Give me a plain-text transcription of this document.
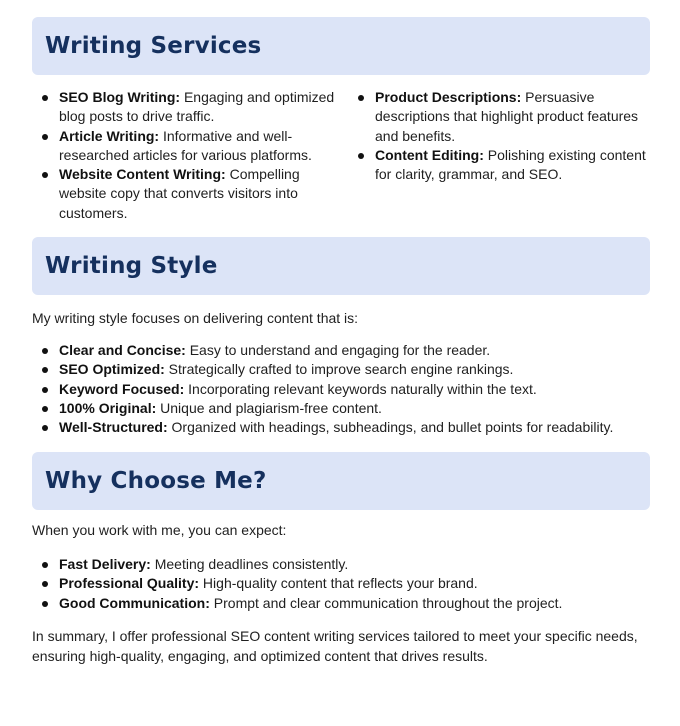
Writing Services
SEO Blog Writing: Engaging and optimized blog posts to drive traffic.
Article Writing: Informative and well-researched articles for various platforms.
Website Content Writing: Compelling website copy that converts visitors into customers.
Product Descriptions: Persuasive descriptions that highlight product features and benefits.
Content Editing: Polishing existing content for clarity, grammar, and SEO.
Writing Style

My writing style focuses on delivering content that is:

Clear and Concise: Easy to understand and engaging for the reader.
SEO Optimized: Strategically crafted to improve search engine rankings.
Keyword Focused: Incorporating relevant keywords naturally within the text.
100% Original: Unique and plagiarism-free content.
Well-Structured: Organized with headings, subheadings, and bullet points for readability.
Why Choose Me?

When you work with me, you can expect:

Fast Delivery: Meeting deadlines consistently.
Professional Quality: High-quality content that reflects your brand.
Good Communication: Prompt and clear communication throughout the project.

In summary, I offer professional SEO content writing services tailored to meet your specific needs, ensuring high-quality, engaging, and optimized content that drives results.
